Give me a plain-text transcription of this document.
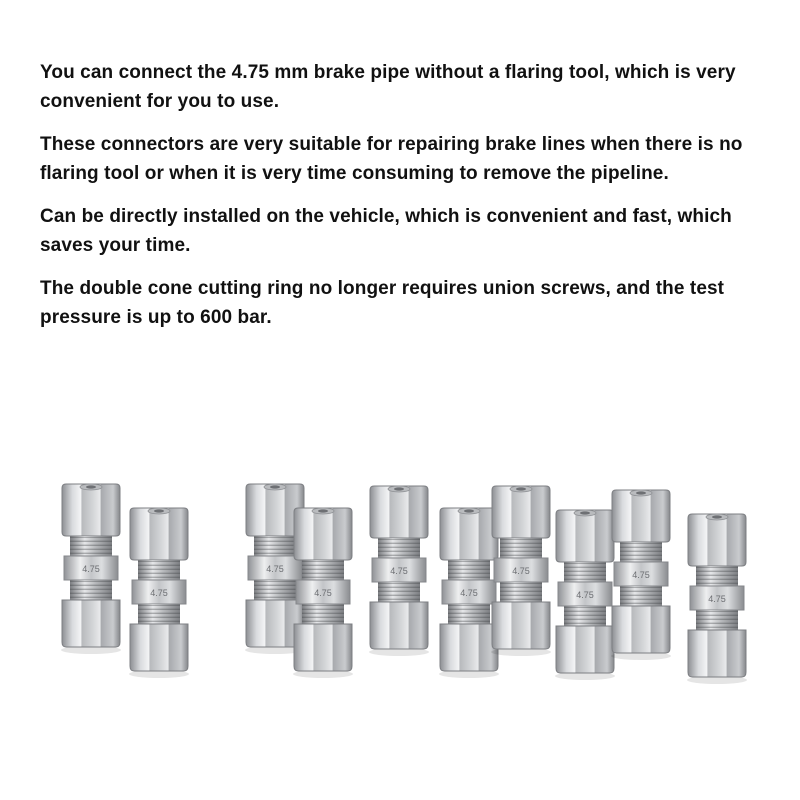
You can connect the 4.75 mm brake pipe without a flaring tool, which is very convenient for you to use.

These connectors are very suitable for repairing brake lines when there is no flaring tool or when it is very time consuming to remove the pipeline.

Can be directly installed on the vehicle, which is convenient and fast, which saves your time.

The double cone cutting ring no longer requires union screws, and the test pressure is up to 600 bar.

4.75
4.75
4.75
4.75
4.75
4.75
4.75
4.75
4.75
4.75
